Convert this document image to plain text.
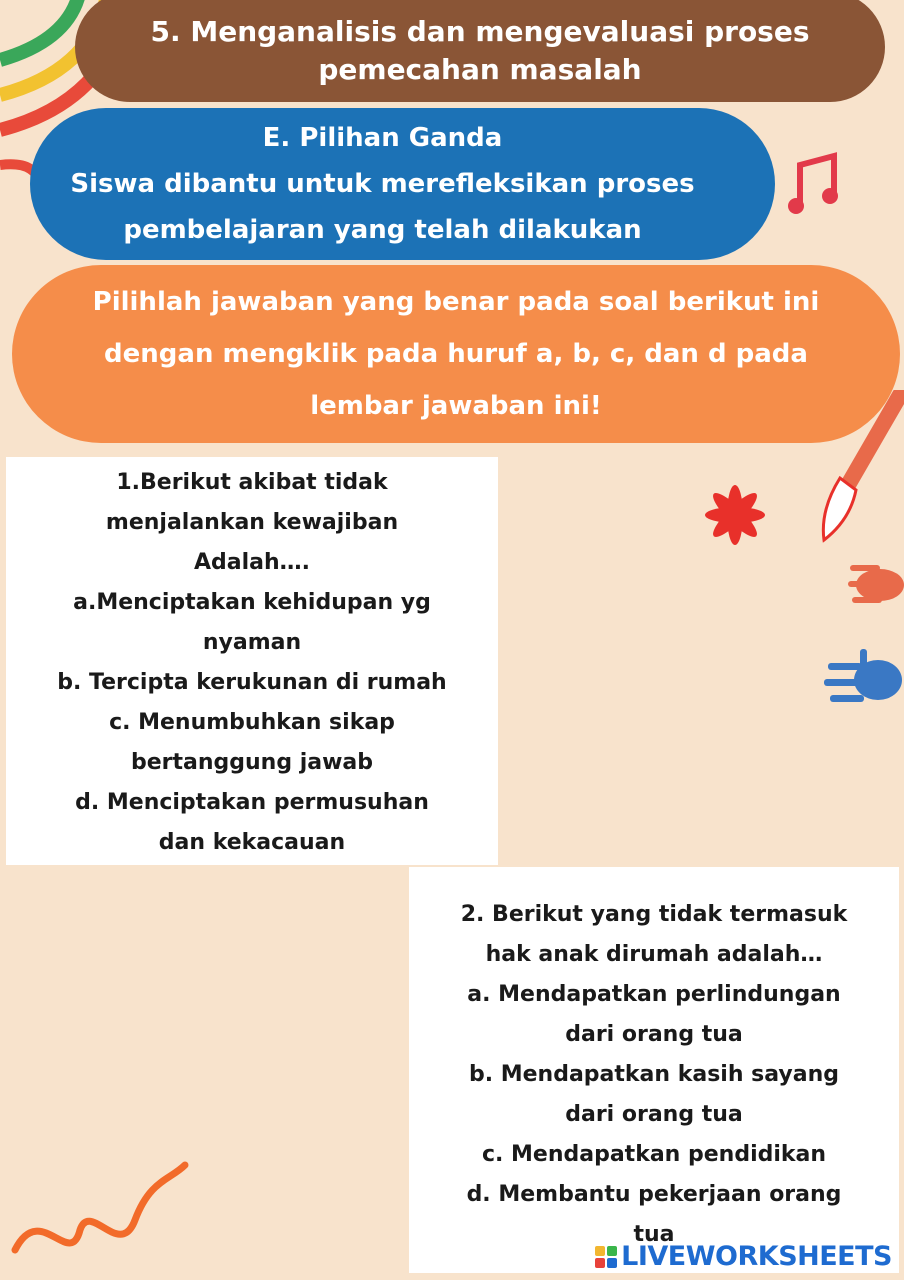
5. Menganalisis dan mengevaluasi proses
pemecahan masalah
E. Pilihan Ganda
Siswa dibantu untuk merefleksikan proses
pembelajaran yang telah dilakukan
Pilihlah jawaban yang benar pada soal berikut ini
dengan mengklik pada huruf a, b, c, dan d pada
lembar jawaban ini!
1.Berikut akibat tidak
menjalankan kewajiban
Adalah….
a.Menciptakan kehidupan yg
nyaman
b. Tercipta kerukunan di rumah
c. Menumbuhkan sikap
bertanggung jawab
d. Menciptakan permusuhan
dan kekacauan
2. Berikut yang tidak termasuk
hak anak dirumah adalah…
a. Mendapatkan perlindungan
dari orang tua
b. Mendapatkan kasih sayang
dari orang tua
c. Mendapatkan pendidikan
d. Membantu pekerjaan orang
tua
LIVEWORKSHEETS
